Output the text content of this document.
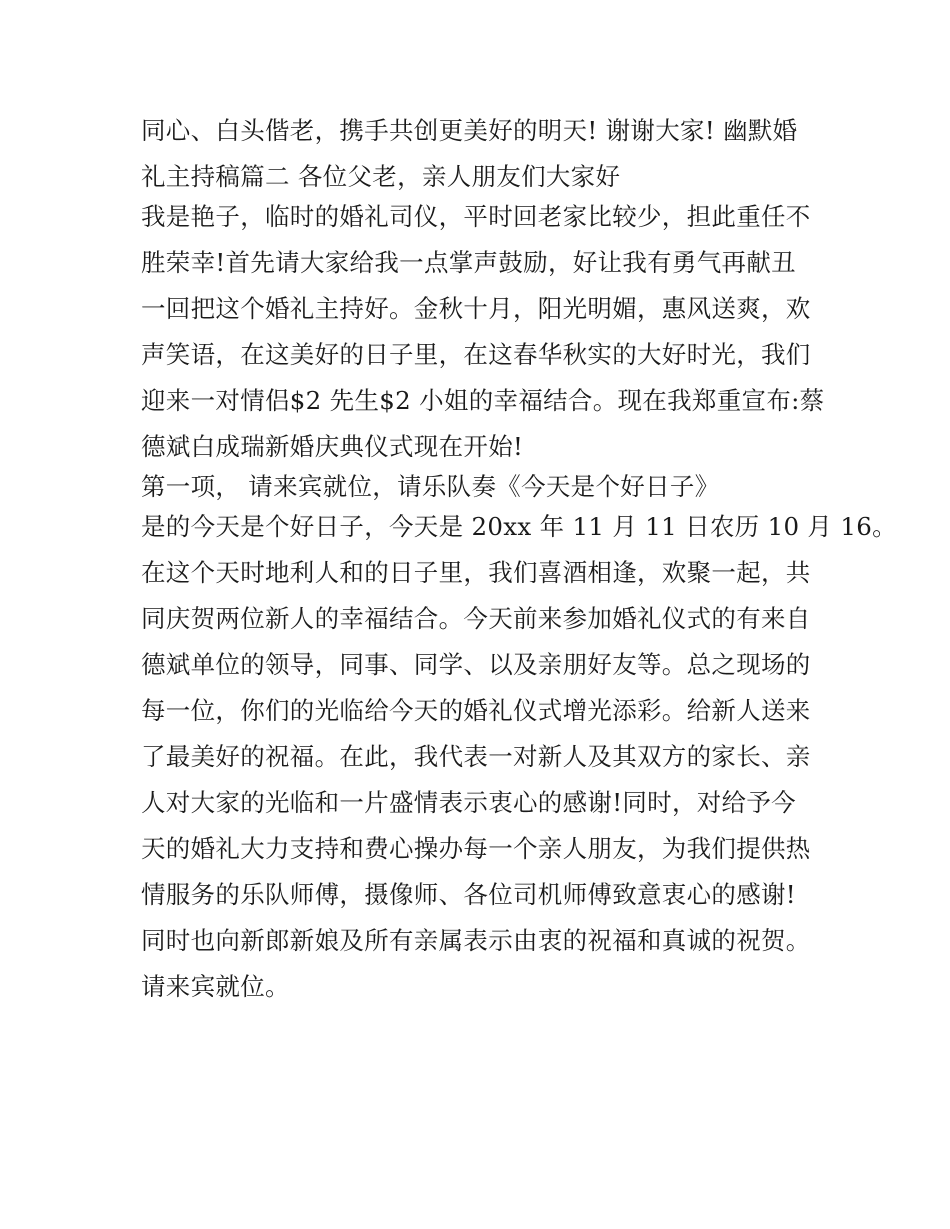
同心、白头偕老，携手共创更美好的明天! 谢谢大家! 幽默婚

礼主持稿篇二 各位父老，亲人朋友们大家好

我是艳子，临时的婚礼司仪，平时回老家比较少，担此重任不

胜荣幸!首先请大家给我一点掌声鼓励，好让我有勇气再献丑

一回把这个婚礼主持好。金秋十月，阳光明媚，惠风送爽，欢

声笑语，在这美好的日子里，在这春华秋实的大好时光，我们

迎来一对情侣$2 先生$2 小姐的幸福结合。现在我郑重宣布:蔡

德斌白成瑞新婚庆典仪式现在开始!

第一项， 请来宾就位，请乐队奏《今天是个好日子》

是的今天是个好日子，今天是 20xx 年 11 月 11 日农历 10 月 16。

在这个天时地利人和的日子里，我们喜酒相逢，欢聚一起，共

同庆贺两位新人的幸福结合。今天前来参加婚礼仪式的有来自

德斌单位的领导，同事、同学、以及亲朋好友等。总之现场的

每一位，你们的光临给今天的婚礼仪式增光添彩。给新人送来

了最美好的祝福。在此，我代表一对新人及其双方的家长、亲

人对大家的光临和一片盛情表示衷心的感谢!同时，对给予今

天的婚礼大力支持和费心操办每一个亲人朋友，为我们提供热

情服务的乐队师傅，摄像师、各位司机师傅致意衷心的感谢!

同时也向新郎新娘及所有亲属表示由衷的祝福和真诚的祝贺。

请来宾就位。
